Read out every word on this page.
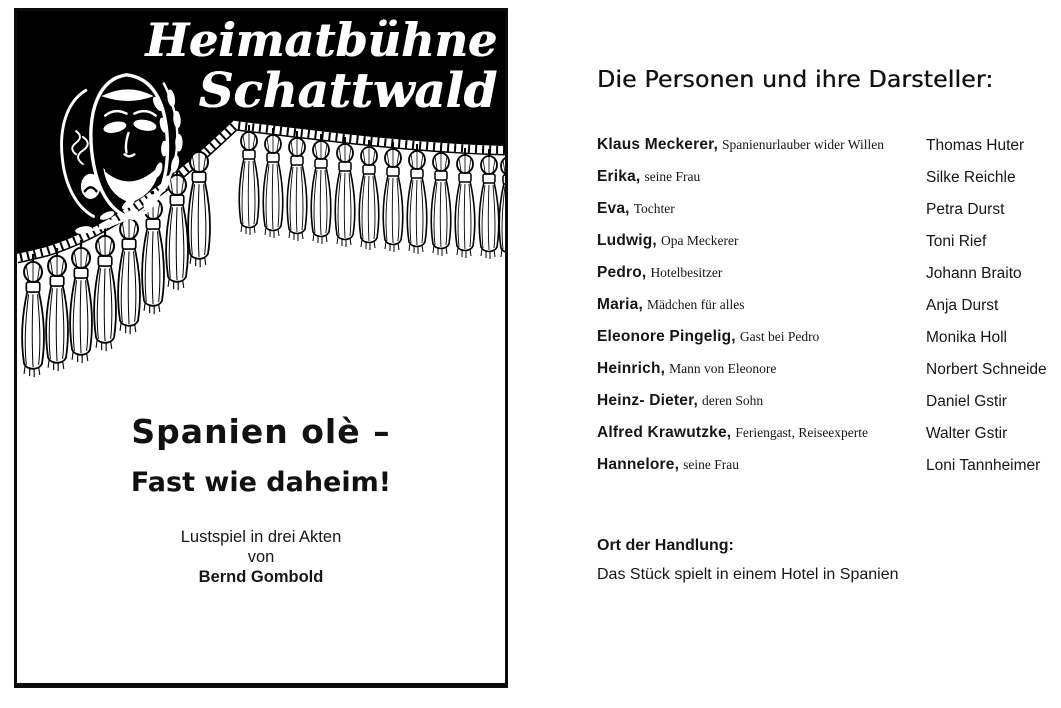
Heimatbühne
Schattwald
Spanien olè –
Fast wie daheim!
Lustspiel in drei Akten
von
Bernd Gombold
Die Personen und ihre Darsteller:
Klaus Meckerer, Spanienurlauber wider Willen	Thomas Huter
Erika, seine Frau	Silke Reichle
Eva, Tochter	Petra Durst
Ludwig, Opa Meckerer	Toni Rief
Pedro, Hotelbesitzer	Johann Braito
Maria, Mädchen für alles	Anja Durst
Eleonore Pingelig, Gast bei Pedro	Monika Holl
Heinrich, Mann von Eleonore	Norbert Schneide
Heinz- Dieter, deren Sohn	Daniel Gstir
Alfred Krawutzke, Feriengast, Reiseexperte	Walter Gstir
Hannelore, seine Frau	Loni Tannheimer
Ort der Handlung:
Das Stück spielt in einem Hotel in Spanien
